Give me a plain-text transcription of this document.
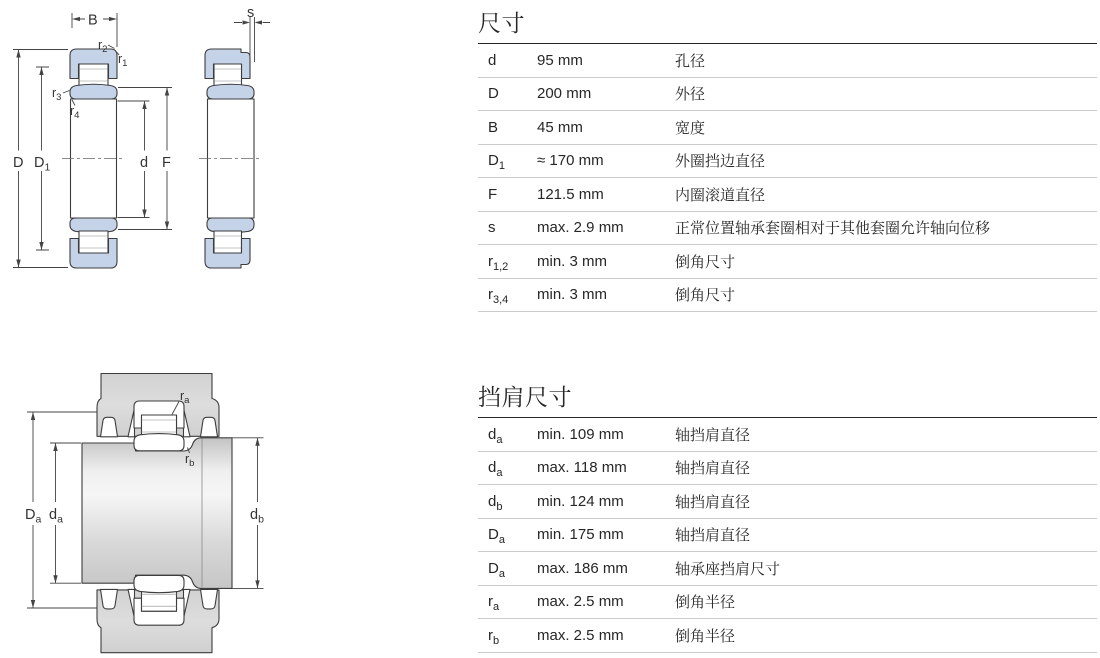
B	s
D $D_1$	d F
$r_2$
$r_1$
$r_3$
$r_4$
$D_a$ $d_a$	$d_b$
$r_a$
$r_b$
尺寸
d	95 mm	孔径
D	200 mm	外径
B	45 mm	宽度
$D_1$	≈ 170 mm	外圈挡边直径
F	121.5 mm	内圈滚道直径
s	max. 2.9 mm	正常位置轴承套圈相对于其他套圈允许轴向位移
$r_{1,2}$	min. 3 mm	倒角尺寸
$r_{3,4}$	min. 3 mm	倒角尺寸
挡肩尺寸
$d_a$	min. 109 mm	轴挡肩直径
$d_a$	max. 118 mm	轴挡肩直径
$d_b$	min. 124 mm	轴挡肩直径
$D_a$	min. 175 mm	轴挡肩直径
$D_a$	max. 186 mm	轴承座挡肩尺寸
$r_a$	max. 2.5 mm	倒角半径
$r_b$	max. 2.5 mm	倒角半径
